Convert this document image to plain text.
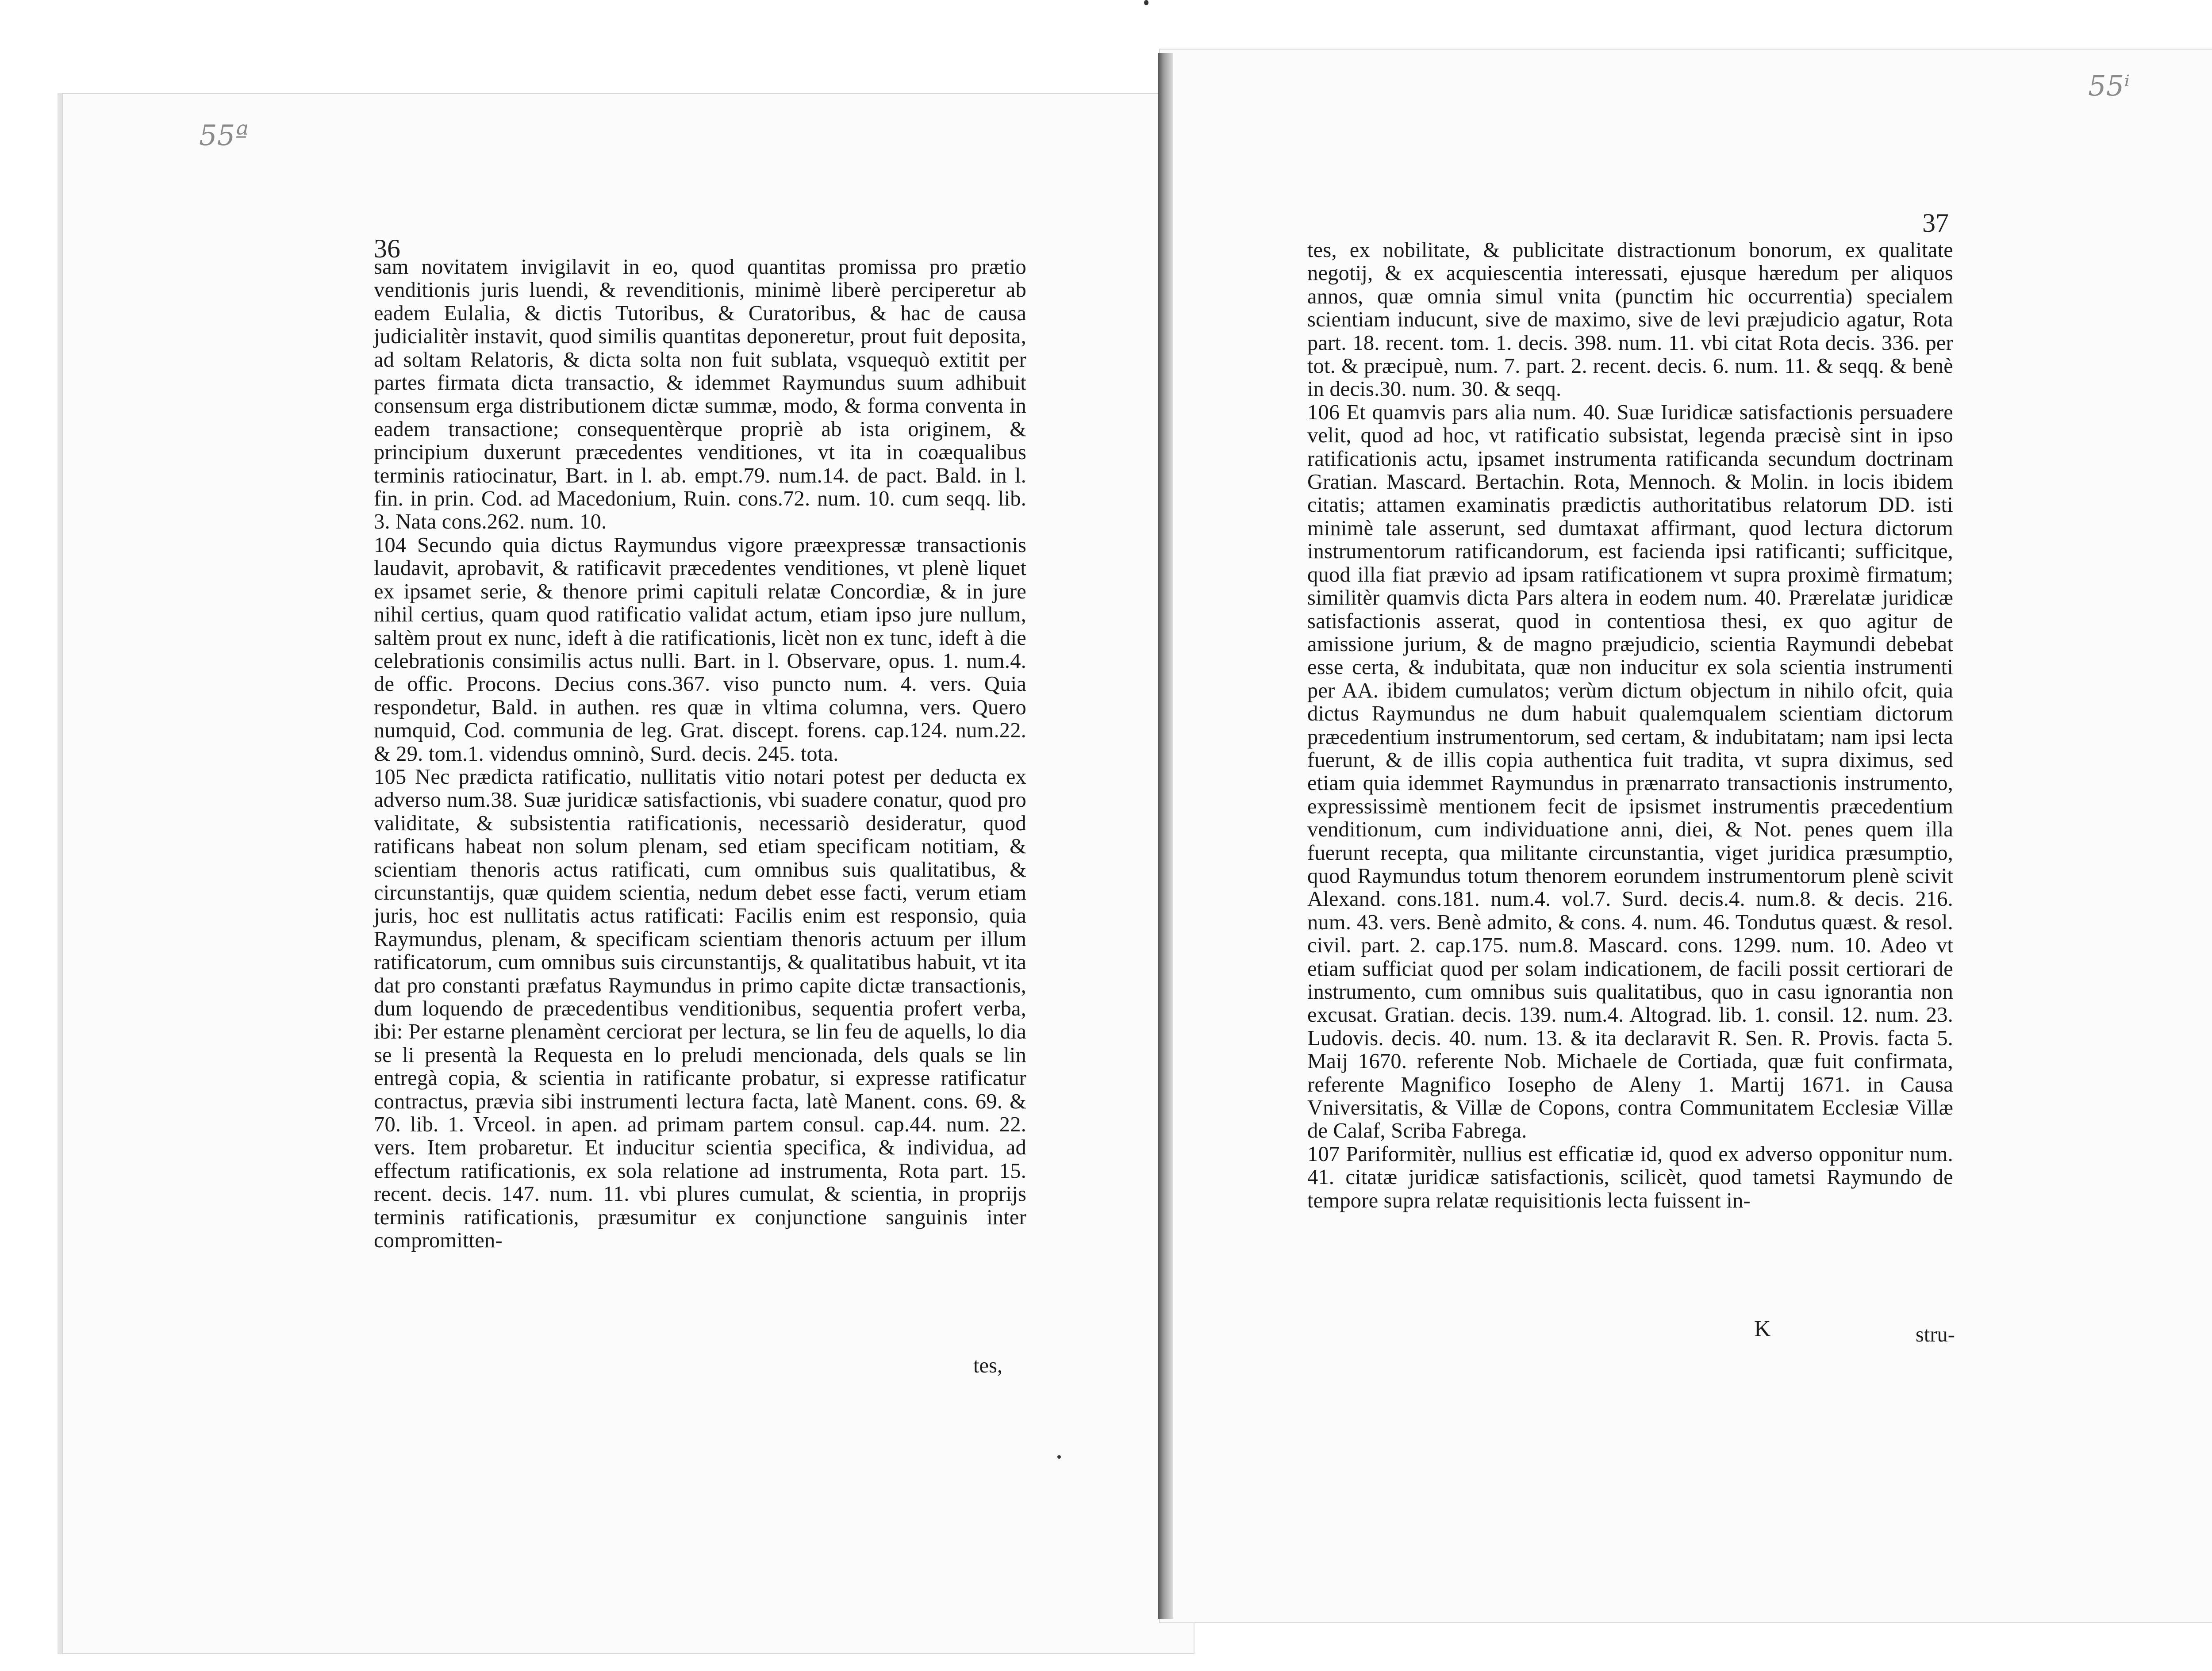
55ª
55ⁱ
36
37

sam novitatem invigilavit in eo, quod quantitas promissa pro prætio venditionis juris luendi, & revenditionis, minimè liberè perciperetur ab eadem Eulalia, & dictis Tutoribus, & Curatoribus, & hac de causa judicialitèr instavit, quod similis quantitas deponeretur, prout fuit deposita, ad soltam Relatoris, & dicta solta non fuit sublata, vsquequò extitit per partes firmata dicta transactio, & idemmet Raymundus suum adhibuit consensum erga distributionem dictæ summæ, modo, & forma conventa in eadem transactione; consequentèrque propriè ab ista originem, & principium duxerunt præcedentes venditiones, vt ita in coæqualibus terminis ratiocinatur, Bart. in l. ab. empt.79. num.14. de pact. Bald. in l. fin. in prin. Cod. ad Macedonium, Ruin. cons.72. num. 10. cum seqq. lib. 3. Nata cons.262. num. 10.

104 Secundo quia dictus Raymundus vigore præexpressæ transactionis laudavit, aprobavit, & ratificavit præcedentes venditiones, vt plenè liquet ex ipsamet serie, & thenore primi capituli relatæ Concordiæ, & in jure nihil certius, quam quod ratificatio validat actum, etiam ipso jure nullum, saltèm prout ex nunc, ideft à die ratificationis, licèt non ex tunc, ideft à die celebrationis consimilis actus nulli. Bart. in l. Observare, opus. 1. num.4. de offic. Procons. Decius cons.367. viso puncto num. 4. vers. Quia respondetur, Bald. in authen. res quæ in vltima columna, vers. Quero numquid, Cod. communia de leg. Grat. discept. forens. cap.124. num.22. & 29. tom.1. videndus omninò, Surd. decis. 245. tota.

105 Nec prædicta ratificatio, nullitatis vitio notari potest per deducta ex adverso num.38. Suæ juridicæ satisfactionis, vbi suadere conatur, quod pro validitate, & subsistentia ratificationis, necessariò desideratur, quod ratificans habeat non solum plenam, sed etiam specificam notitiam, & scientiam thenoris actus ratificati, cum omnibus suis qualitatibus, & circunstantijs, quæ quidem scientia, nedum debet esse facti, verum etiam juris, hoc est nullitatis actus ratificati: Facilis enim est responsio, quia Raymundus, plenam, & specificam scientiam thenoris actuum per illum ratificatorum, cum omnibus suis circunstantijs, & qualitatibus habuit, vt ita dat pro constanti præfatus Raymundus in primo capite dictæ transactionis, dum loquendo de præcedentibus venditionibus, sequentia profert verba, ibi: Per estarne plenamènt cerciorat per lectura, se lin feu de aquells, lo dia se li presentà la Requesta en lo preludi mencionada, dels quals se lin entregà copia, & scientia in ratificante probatur, si expresse ratificatur contractus, prævia sibi instrumenti lectura facta, latè Manent. cons. 69. & 70. lib. 1. Vrceol. in apen. ad primam partem consul. cap.44. num. 22. vers. Item probaretur. Et inducitur scientia specifica, & individua, ad effectum ratificationis, ex sola relatione ad instrumenta, Rota part. 15. recent. decis. 147. num. 11. vbi plures cumulat, & scientia, in proprijs terminis ratificationis, præsumitur ex conjunctione sanguinis inter compromitten-

tes,

tes, ex nobilitate, & publicitate distractionum bonorum, ex qualitate negotij, & ex acquiescentia interessati, ejusque hæredum per aliquos annos, quæ omnia simul vnita (punctim hic occurrentia) specialem scientiam inducunt, sive de maximo, sive de levi præjudicio agatur, Rota part. 18. recent. tom. 1. decis. 398. num. 11. vbi citat Rota decis. 336. per tot. & præcipuè, num. 7. part. 2. recent. decis. 6. num. 11. & seqq. & benè in decis.30. num. 30. & seqq.

106 Et quamvis pars alia num. 40. Suæ Iuridicæ satisfactionis persuadere velit, quod ad hoc, vt ratificatio subsistat, legenda præcisè sint in ipso ratificationis actu, ipsamet instrumenta ratificanda secundum doctrinam Gratian. Mascard. Bertachin. Rota, Mennoch. & Molin. in locis ibidem citatis; attamen examinatis prædictis authoritatibus relatorum DD. isti minimè tale asserunt, sed dumtaxat affirmant, quod lectura dictorum instrumentorum ratificandorum, est facienda ipsi ratificanti; sufficitque, quod illa fiat prævio ad ipsam ratificationem vt supra proximè firmatum; similitèr quamvis dicta Pars altera in eodem num. 40. Prærelatæ juridicæ satisfactionis asserat, quod in contentiosa thesi, ex quo agitur de amissione jurium, & de magno præjudicio, scientia Raymundi debebat esse certa, & indubitata, quæ non inducitur ex sola scientia instrumenti per AA. ibidem cumulatos; verùm dictum objectum in nihilo ofcit, quia dictus Raymundus ne dum habuit qualemqualem scientiam dictorum præcedentium instrumentorum, sed certam, & indubitatam; nam ipsi lecta fuerunt, & de illis copia authentica fuit tradita, vt supra diximus, sed etiam quia idemmet Raymundus in prænarrato transactionis instrumento, expressissimè mentionem fecit de ipsismet instrumentis præcedentium venditionum, cum individuatione anni, diei, & Not. penes quem illa fuerunt recepta, qua militante circunstantia, viget juridica præsumptio, quod Raymundus totum thenorem eorundem instrumentorum plenè scivit Alexand. cons.181. num.4. vol.7. Surd. decis.4. num.8. & decis. 216. num. 43. vers. Benè admito, & cons. 4. num. 46. Tondutus quæst. & resol. civil. part. 2. cap.175. num.8. Mascard. cons. 1299. num. 10. Adeo vt etiam sufficiat quod per solam indicationem, de facili possit certiorari de instrumento, cum omnibus suis qualitatibus, quo in casu ignorantia non excusat. Gratian. decis. 139. num.4. Altograd. lib. 1. consil. 12. num. 23. Ludovis. decis. 40. num. 13. & ita declaravit R. Sen. R. Provis. facta 5. Maij 1670. referente Nob. Michaele de Cortiada, quæ fuit confirmata, referente Magnifico Iosepho de Aleny 1. Martij 1671. in Causa Vniversitatis, & Villæ de Copons, contra Communitatem Ecclesiæ Villæ de Calaf, Scriba Fabrega.

107 Pariformitèr, nullius est efficatiæ id, quod ex adverso opponitur num. 41. citatæ juridicæ satisfactionis, scilicèt, quod tametsi Raymundo de tempore supra relatæ requisitionis lecta fuissent in-

K	stru-
